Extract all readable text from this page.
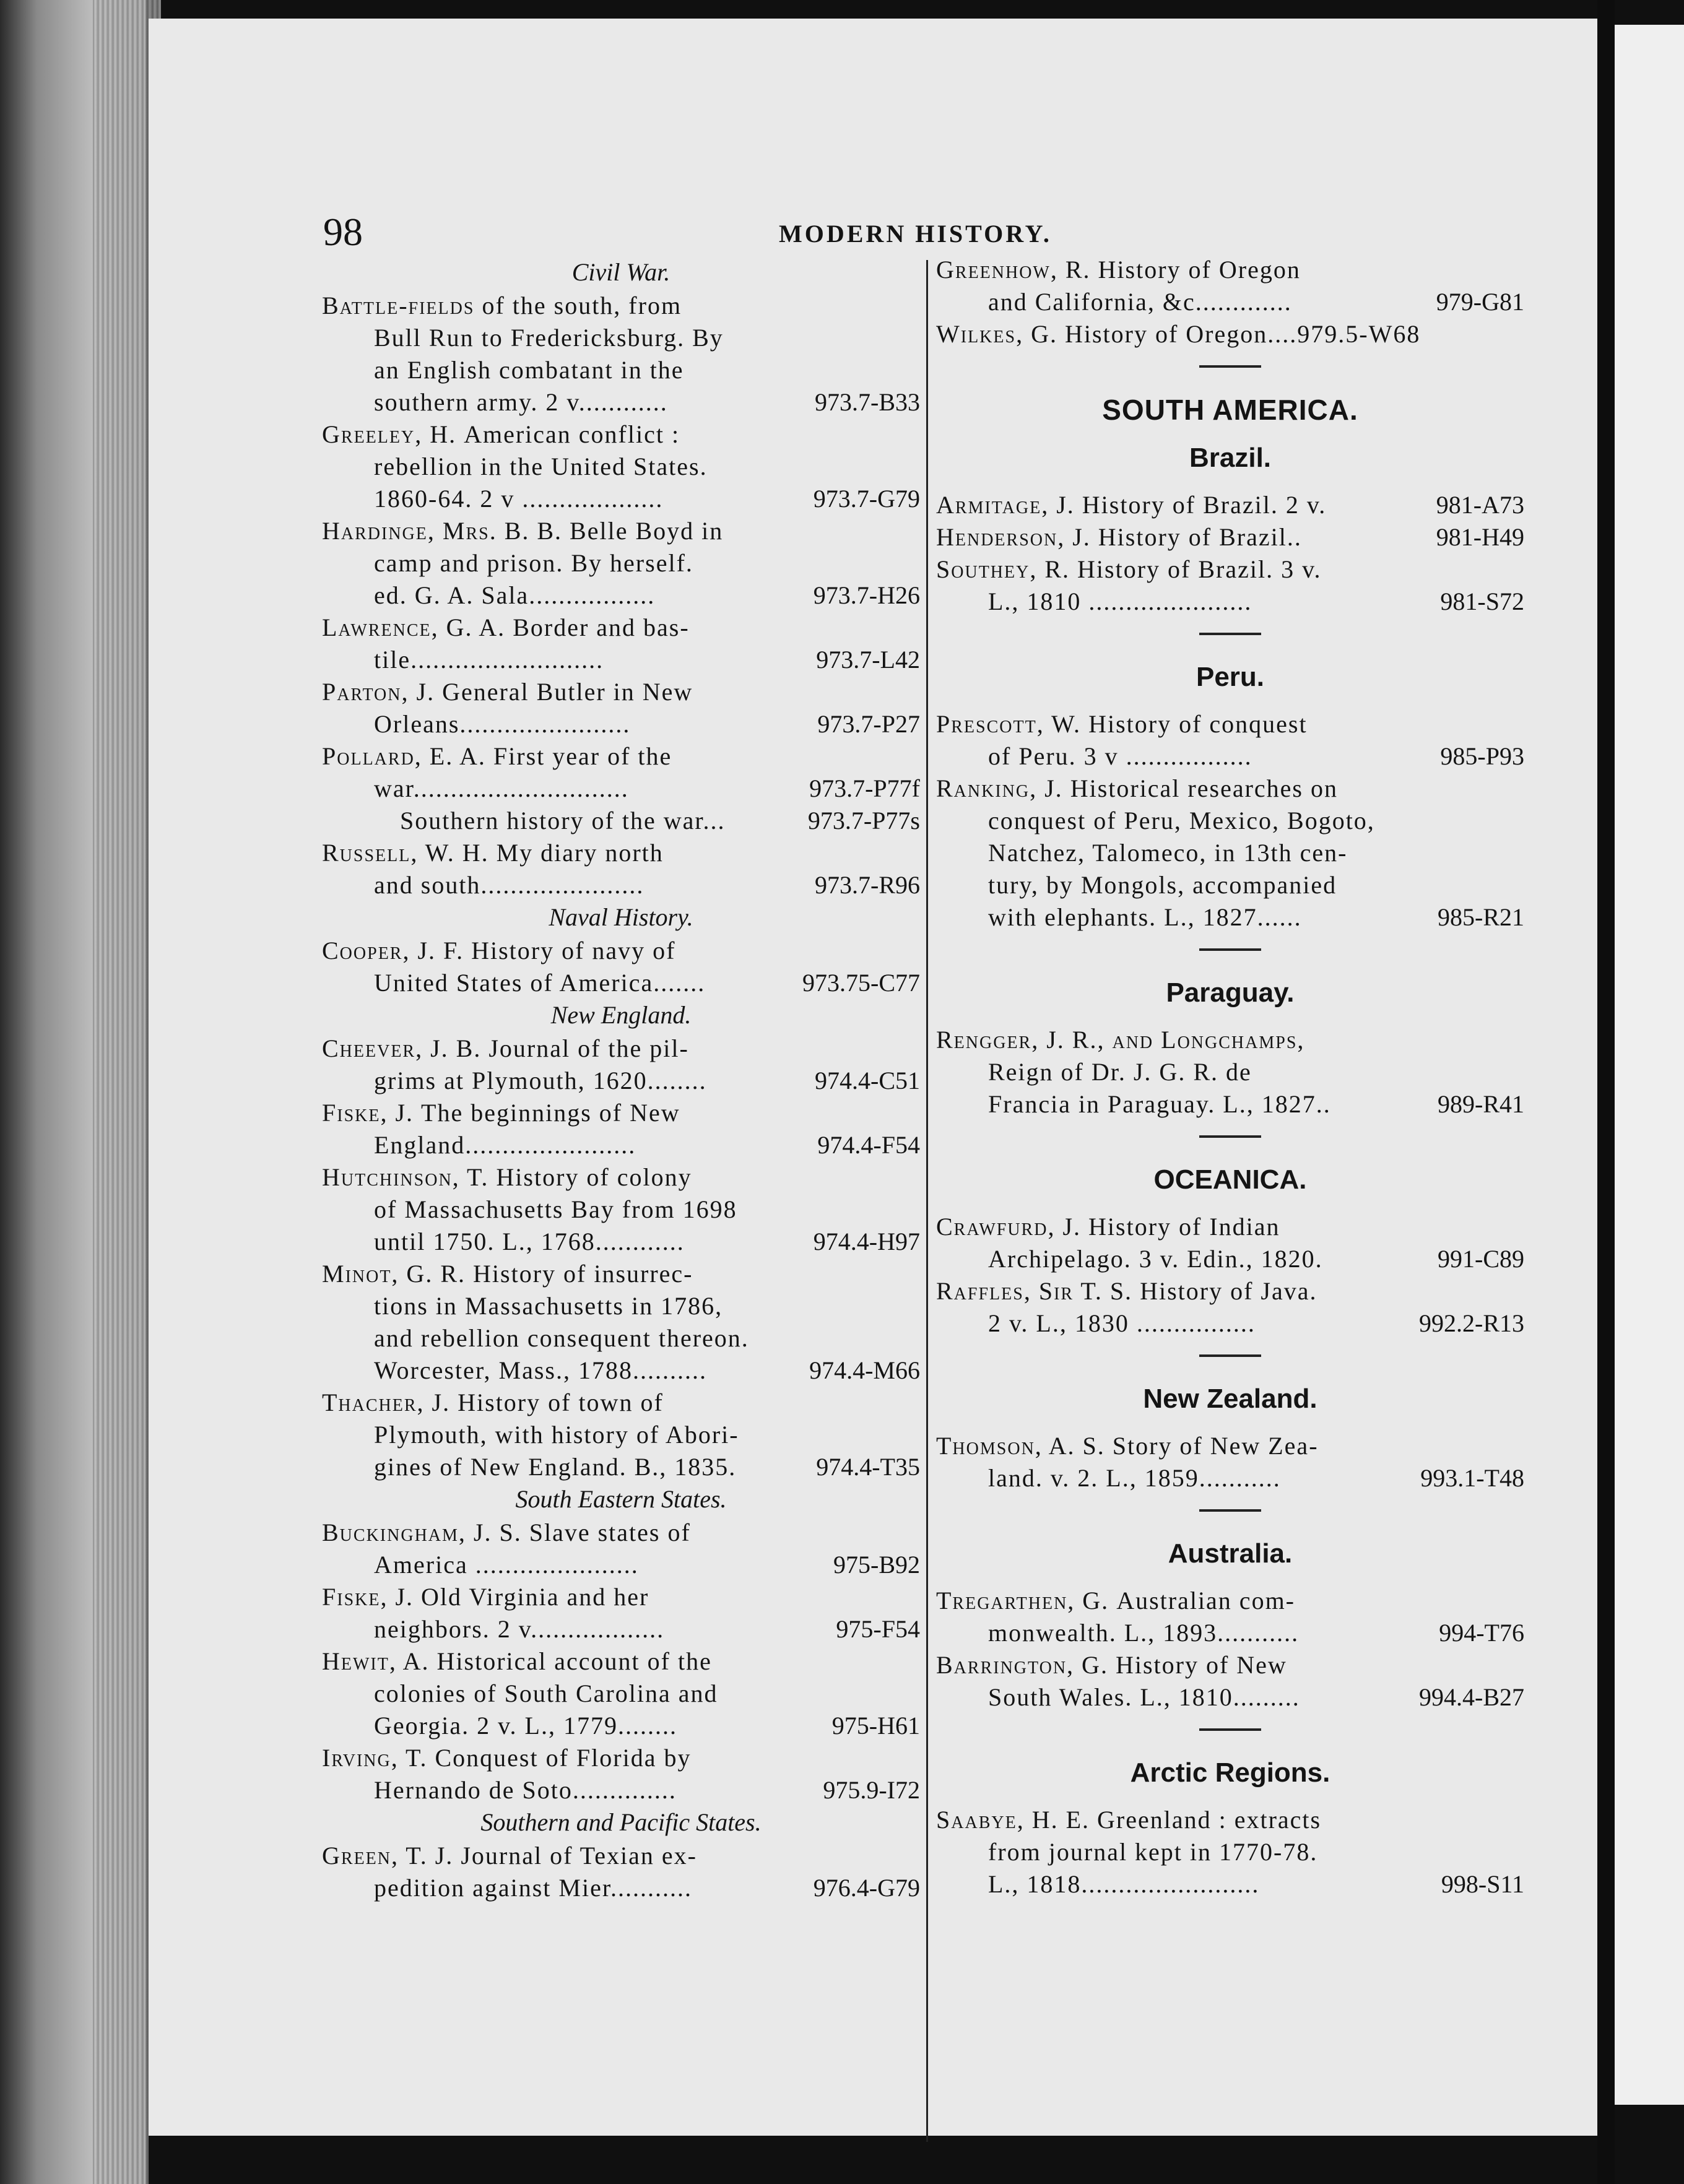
98	MODERN HISTORY.
Civil War.
Battle-fields of the south, from
Bull Run to Fredericksburg. By
an English combatant in the
southern army. 2 v............	973.7-B33
Greeley, H. American conflict :
rebellion in the United States.
1860-64. 2 v ...................	973.7-G79
Hardinge, Mrs. B. B. Belle Boyd in
camp and prison. By herself.
ed. G. A. Sala.................	973.7-H26
Lawrence, G. A. Border and bas-
tile..........................	973.7-L42
Parton, J. General Butler in New
Orleans.......................	973.7-P27
Pollard, E. A. First year of the
war.............................	973.7-P77f
Southern history of the war...	973.7-P77s
Russell, W. H. My diary north
and south......................	973.7-R96
Naval History.
Cooper, J. F. History of navy of
United States of America.......	973.75-C77
New England.
Cheever, J. B. Journal of the pil-
grims at Plymouth, 1620........	974.4-C51
Fiske, J. The beginnings of New
England.......................	974.4-F54
Hutchinson, T. History of colony
of Massachusetts Bay from 1698
until 1750. L., 1768............	974.4-H97
Minot, G. R. History of insurrec-
tions in Massachusetts in 1786,
and rebellion consequent thereon.
Worcester, Mass., 1788..........	974.4-M66
Thacher, J. History of town of
Plymouth, with history of Abori-
gines of New England. B., 1835.	974.4-T35
South Eastern States.
Buckingham, J. S. Slave states of
America ......................	975-B92
Fiske, J. Old Virginia and her
neighbors. 2 v..................	975-F54
Hewit, A. Historical account of the
colonies of South Carolina and
Georgia. 2 v. L., 1779........	975-H61
Irving, T. Conquest of Florida by
Hernando de Soto..............	975.9-I72
Southern and Pacific States.
Green, T. J. Journal of Texian ex-
pedition against Mier...........	976.4-G79
Greenhow, R. History of Oregon
and California, &c.............	979-G81
Wilkes, G. History of Oregon....979.5-W68
SOUTH AMERICA.
Brazil.
Armitage, J. History of Brazil. 2 v.	981-A73
Henderson, J. History of Brazil..	981-H49
Southey, R. History of Brazil. 3 v.
L., 1810 ......................	981-S72
Peru.
Prescott, W. History of conquest
of Peru. 3 v .................	985-P93
Ranking, J. Historical researches on
conquest of Peru, Mexico, Bogoto,
Natchez, Talomeco, in 13th cen-
tury, by Mongols, accompanied
with elephants. L., 1827......	985-R21
Paraguay.
Rengger, J. R., and Longchamps,
Reign of Dr. J. G. R. de
Francia in Paraguay. L., 1827..	989-R41
OCEANICA.
Crawfurd, J. History of Indian
Archipelago. 3 v. Edin., 1820.	991-C89
Raffles, Sir T. S. History of Java.
2 v. L., 1830 ................	992.2-R13
New Zealand.
Thomson, A. S. Story of New Zea-
land. v. 2. L., 1859...........	993.1-T48
Australia.
Tregarthen, G. Australian com-
monwealth. L., 1893...........	994-T76
Barrington, G. History of New
South Wales. L., 1810.........	994.4-B27
Arctic Regions.
Saabye, H. E. Greenland : extracts
from journal kept in 1770-78.
L., 1818........................	998-S11
